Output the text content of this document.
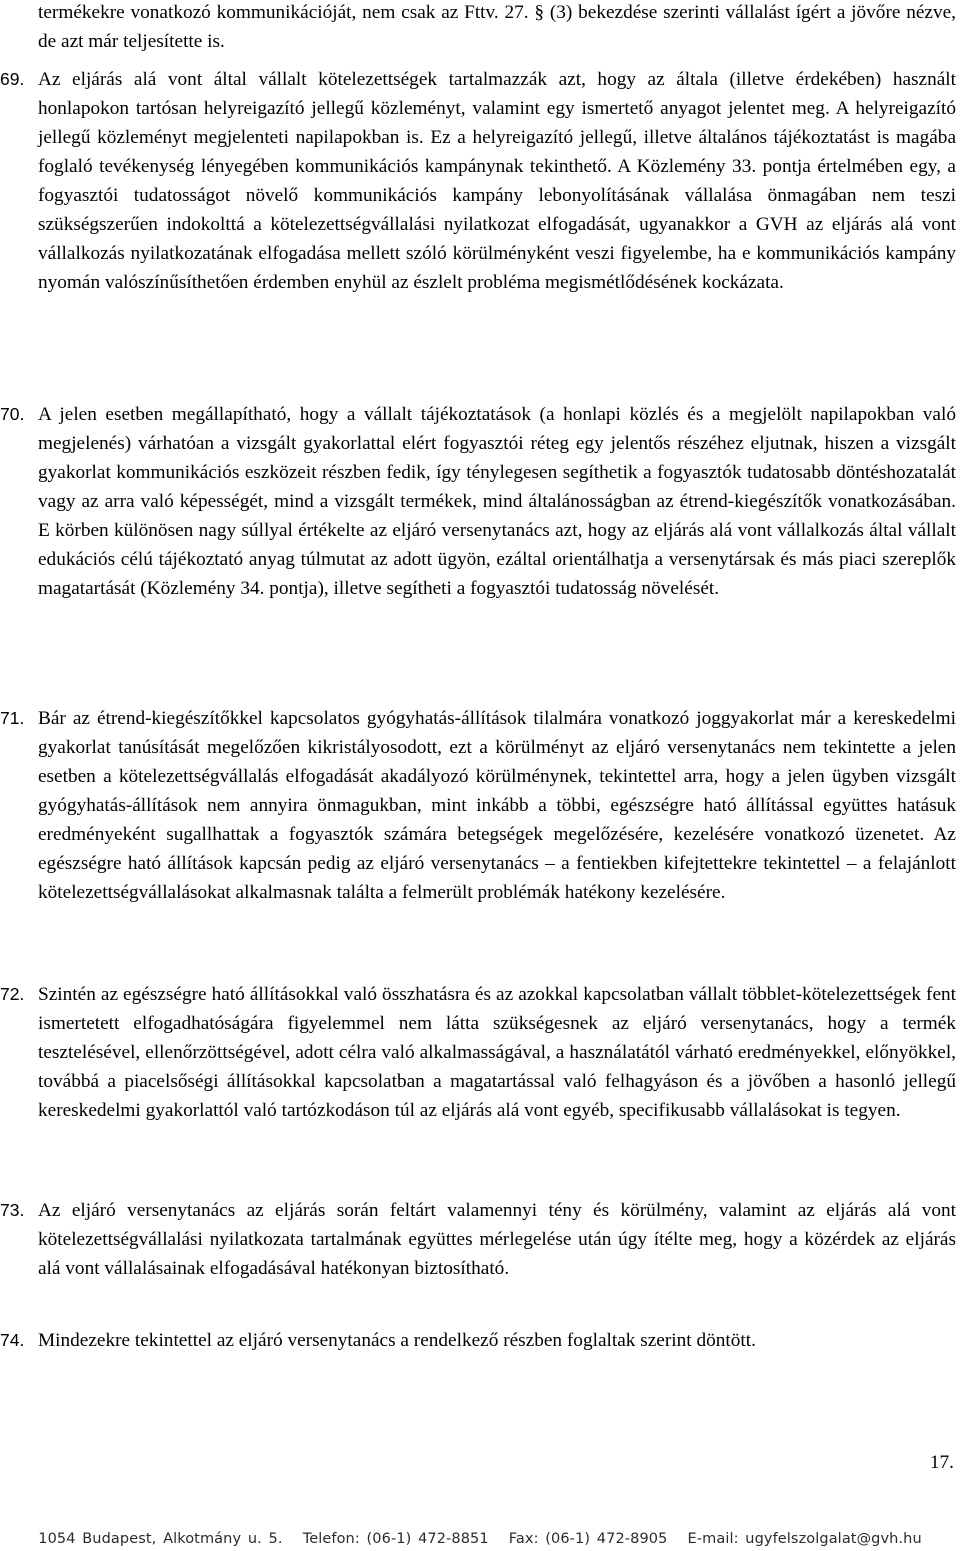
termékekre vonatkozó kommunikációját, nem csak az Fttv. 27. § (3) bekezdése szerinti vállalást ígért a jövőre nézve, de azt már teljesítette is.

69. Az eljárás alá vont által vállalt kötelezettségek tartalmazzák azt, hogy az általa (illetve érdekében) használt honlapokon tartósan helyreigazító jellegű közleményt, valamint egy ismertető anyagot jelentet meg. A helyreigazító jellegű közleményt megjelenteti napilapokban is. Ez a helyreigazító jellegű, illetve általános tájékoztatást is magába foglaló tevékenység lényegében kommunikációs kampánynak tekinthető. A Közlemény 33. pontja értelmében egy, a fogyasztói tudatosságot növelő kommunikációs kampány lebonyolításának vállalása önmagában nem teszi szükségszerűen indokolttá a kötelezettségvállalási nyilatkozat elfogadását, ugyanakkor a GVH az eljárás alá vont vállalkozás nyilatkozatának elfogadása mellett szóló körülményként veszi figyelembe, ha e kommunikációs kampány nyomán valószínűsíthetően érdemben enyhül az észlelt probléma megismétlődésének kockázata.
70. A jelen esetben megállapítható, hogy a vállalt tájékoztatások (a honlapi közlés és a megjelölt napilapokban való megjelenés) várhatóan a vizsgált gyakorlattal elért fogyasztói réteg egy jelentős részéhez eljutnak, hiszen a vizsgált gyakorlat kommunikációs eszközeit részben fedik, így ténylegesen segíthetik a fogyasztók tudatosabb döntéshozatalát vagy az arra való képességét, mind a vizsgált termékek, mind általánosságban az étrend-kiegészítők vonatkozásában. E körben különösen nagy súllyal értékelte az eljáró versenytanács azt, hogy az eljárás alá vont vállalkozás által vállalt edukációs célú tájékoztató anyag túlmutat az adott ügyön, ezáltal orientálhatja a versenytársak és más piaci szereplők magatartását (Közlemény 34. pontja), illetve segítheti a fogyasztói tudatosság növelését.
71. Bár az étrend-kiegészítőkkel kapcsolatos gyógyhatás-állítások tilalmára vonatkozó joggyakorlat már a kereskedelmi gyakorlat tanúsítását megelőzően kikristályosodott, ezt a körülményt az eljáró versenytanács nem tekintette a jelen esetben a kötelezettségvállalás elfogadását akadályozó körülménynek, tekintettel arra, hogy a jelen ügyben vizsgált gyógyhatás-állítások nem annyira önmagukban, mint inkább a többi, egészségre ható állítással együttes hatásuk eredményeként sugallhattak a fogyasztók számára betegségek megelőzésére, kezelésére vonatkozó üzenetet. Az egészségre ható állítások kapcsán pedig az eljáró versenytanács – a fentiekben kifejtettekre tekintettel – a felajánlott kötelezettségvállalásokat alkalmasnak találta a felmerült problémák hatékony kezelésére.
72. Szintén az egészségre ható állításokkal való összhatásra és az azokkal kapcsolatban vállalt többlet-kötelezettségek fent ismertetett elfogadhatóságára figyelemmel nem látta szükségesnek az eljáró versenytanács, hogy a termék tesztelésével, ellenőrzöttségével, adott célra való alkalmasságával, a használatától várható eredményekkel, előnyökkel, továbbá a piacelsőségi állításokkal kapcsolatban a magatartással való felhagyáson és a jövőben a hasonló jellegű kereskedelmi gyakorlattól való tartózkodáson túl az eljárás alá vont egyéb, specifikusabb vállalásokat is tegyen.
73. Az eljáró versenytanács az eljárás során feltárt valamennyi tény és körülmény, valamint az eljárás alá vont kötelezettségvállalási nyilatkozata tartalmának együttes mérlegelése után úgy ítélte meg, hogy a közérdek az eljárás alá vont vállalásainak elfogadásával hatékonyan biztosítható.
74. Mindezekre tekintettel az eljáró versenytanács a rendelkező részben foglaltak szerint döntött.
17.
1054 Budapest, Alkotmány u. 5.   Telefon: (06-1) 472-8851   Fax: (06-1) 472-8905   E-mail: ugyfelszolgalat@gvh.hu
